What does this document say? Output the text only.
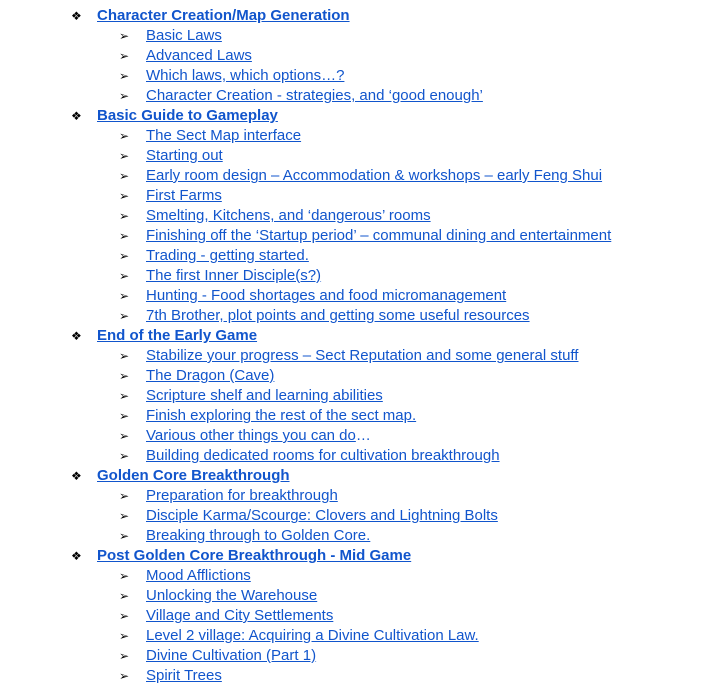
❖	Character Creation/Map Generation
➢	Basic Laws
➢	Advanced Laws
➢	Which laws, which options…?
➢	Character Creation - strategies, and ‘good enough’
❖	Basic Guide to Gameplay
➢	The Sect Map interface
➢	Starting out
➢	Early room design – Accommodation & workshops – early Feng Shui
➢	First Farms
➢	Smelting, Kitchens, and ‘dangerous’ rooms
➢	Finishing off the ‘Startup period’ – communal dining and entertainment
➢	Trading - getting started.
➢	The first Inner Disciple(s?)
➢	Hunting - Food shortages and food micromanagement
➢	7th Brother, plot points and getting some useful resources
❖	End of the Early Game
➢	Stabilize your progress – Sect Reputation and some general stuff
➢	The Dragon (Cave)
➢	Scripture shelf and learning abilities
➢	Finish exploring the rest of the sect map.
➢	Various other things you can do …
➢	Building dedicated rooms for cultivation breakthrough
❖	Golden Core Breakthrough
➢	Preparation for breakthrough
➢	Disciple Karma/Scourge: Clovers and Lightning Bolts
➢	Breaking through to Golden Core.
❖	Post Golden Core Breakthrough - Mid Game
➢	Mood Afflictions
➢	Unlocking the Warehouse
➢	Village and City Settlements
➢	Level 2 village: Acquiring a Divine Cultivation Law.
➢	Divine Cultivation (Part 1)
➢	Spirit Trees
